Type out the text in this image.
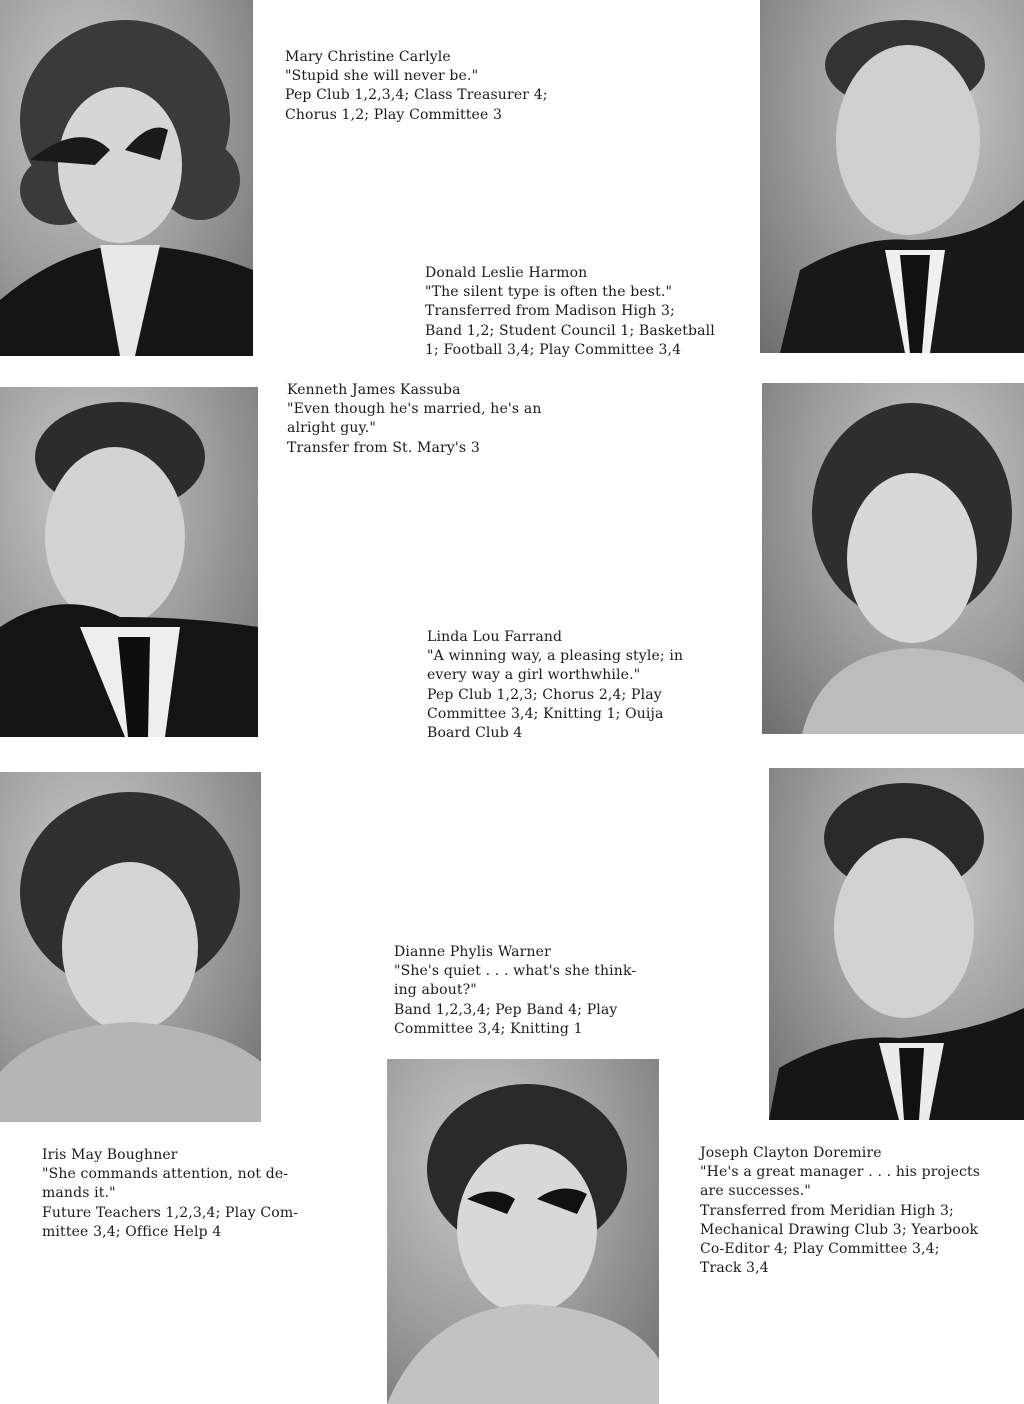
Mary Christine Carlyle
"Stupid she will never be."
Pep Club 1,2,3,4; Class Treasurer 4;
Chorus 1,2; Play Committee 3
Donald Leslie Harmon
"The silent type is often the best."
Transferred from Madison High 3;
Band 1,2; Student Council 1; Basketball
1; Football 3,4; Play Committee 3,4
Kenneth James Kassuba
"Even though he's married, he's an
alright guy."
Transfer from St. Mary's 3
Linda Lou Farrand
"A winning way, a pleasing style; in
every way a girl worthwhile."
Pep Club 1,2,3; Chorus 2,4; Play
Committee 3,4; Knitting 1; Ouija
Board Club 4
Dianne Phylis Warner
"She's quiet . . . what's she think-
ing about?"
Band 1,2,3,4; Pep Band 4; Play
Committee 3,4; Knitting 1
Iris May Boughner
"She commands attention, not de-
mands it."
Future Teachers 1,2,3,4; Play Com-
mittee 3,4; Office Help 4
Joseph Clayton Doremire
"He's a great manager . . . his projects
are successes."
Transferred from Meridian High 3;
Mechanical Drawing Club 3; Yearbook
Co-Editor 4; Play Committee 3,4;
Track 3,4
